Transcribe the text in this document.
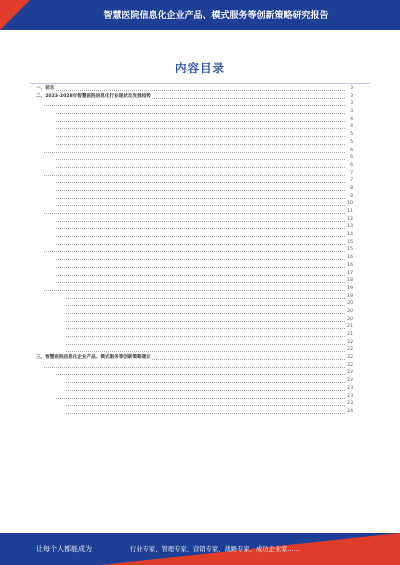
智慧医院信息化企业产品、模式服务等创新策略研究报告
内容目录
一、前言	3
二、2023-2028年智慧医院信息化行业现状及发展趋势	3
3
3
4
4
5
5
6
6
6
7
7
8
9
10
11
12
13
14
15
15
16
16
17
18
19
19
20
20
20
21
21
22
22
三、智慧医院信息化企业产品、模式服务等创新策略建议	22
22
22
22
23
23
23
24
让每个人都能成为	行业专家、管理专家、营销专家、战略专家、成功企业家……
